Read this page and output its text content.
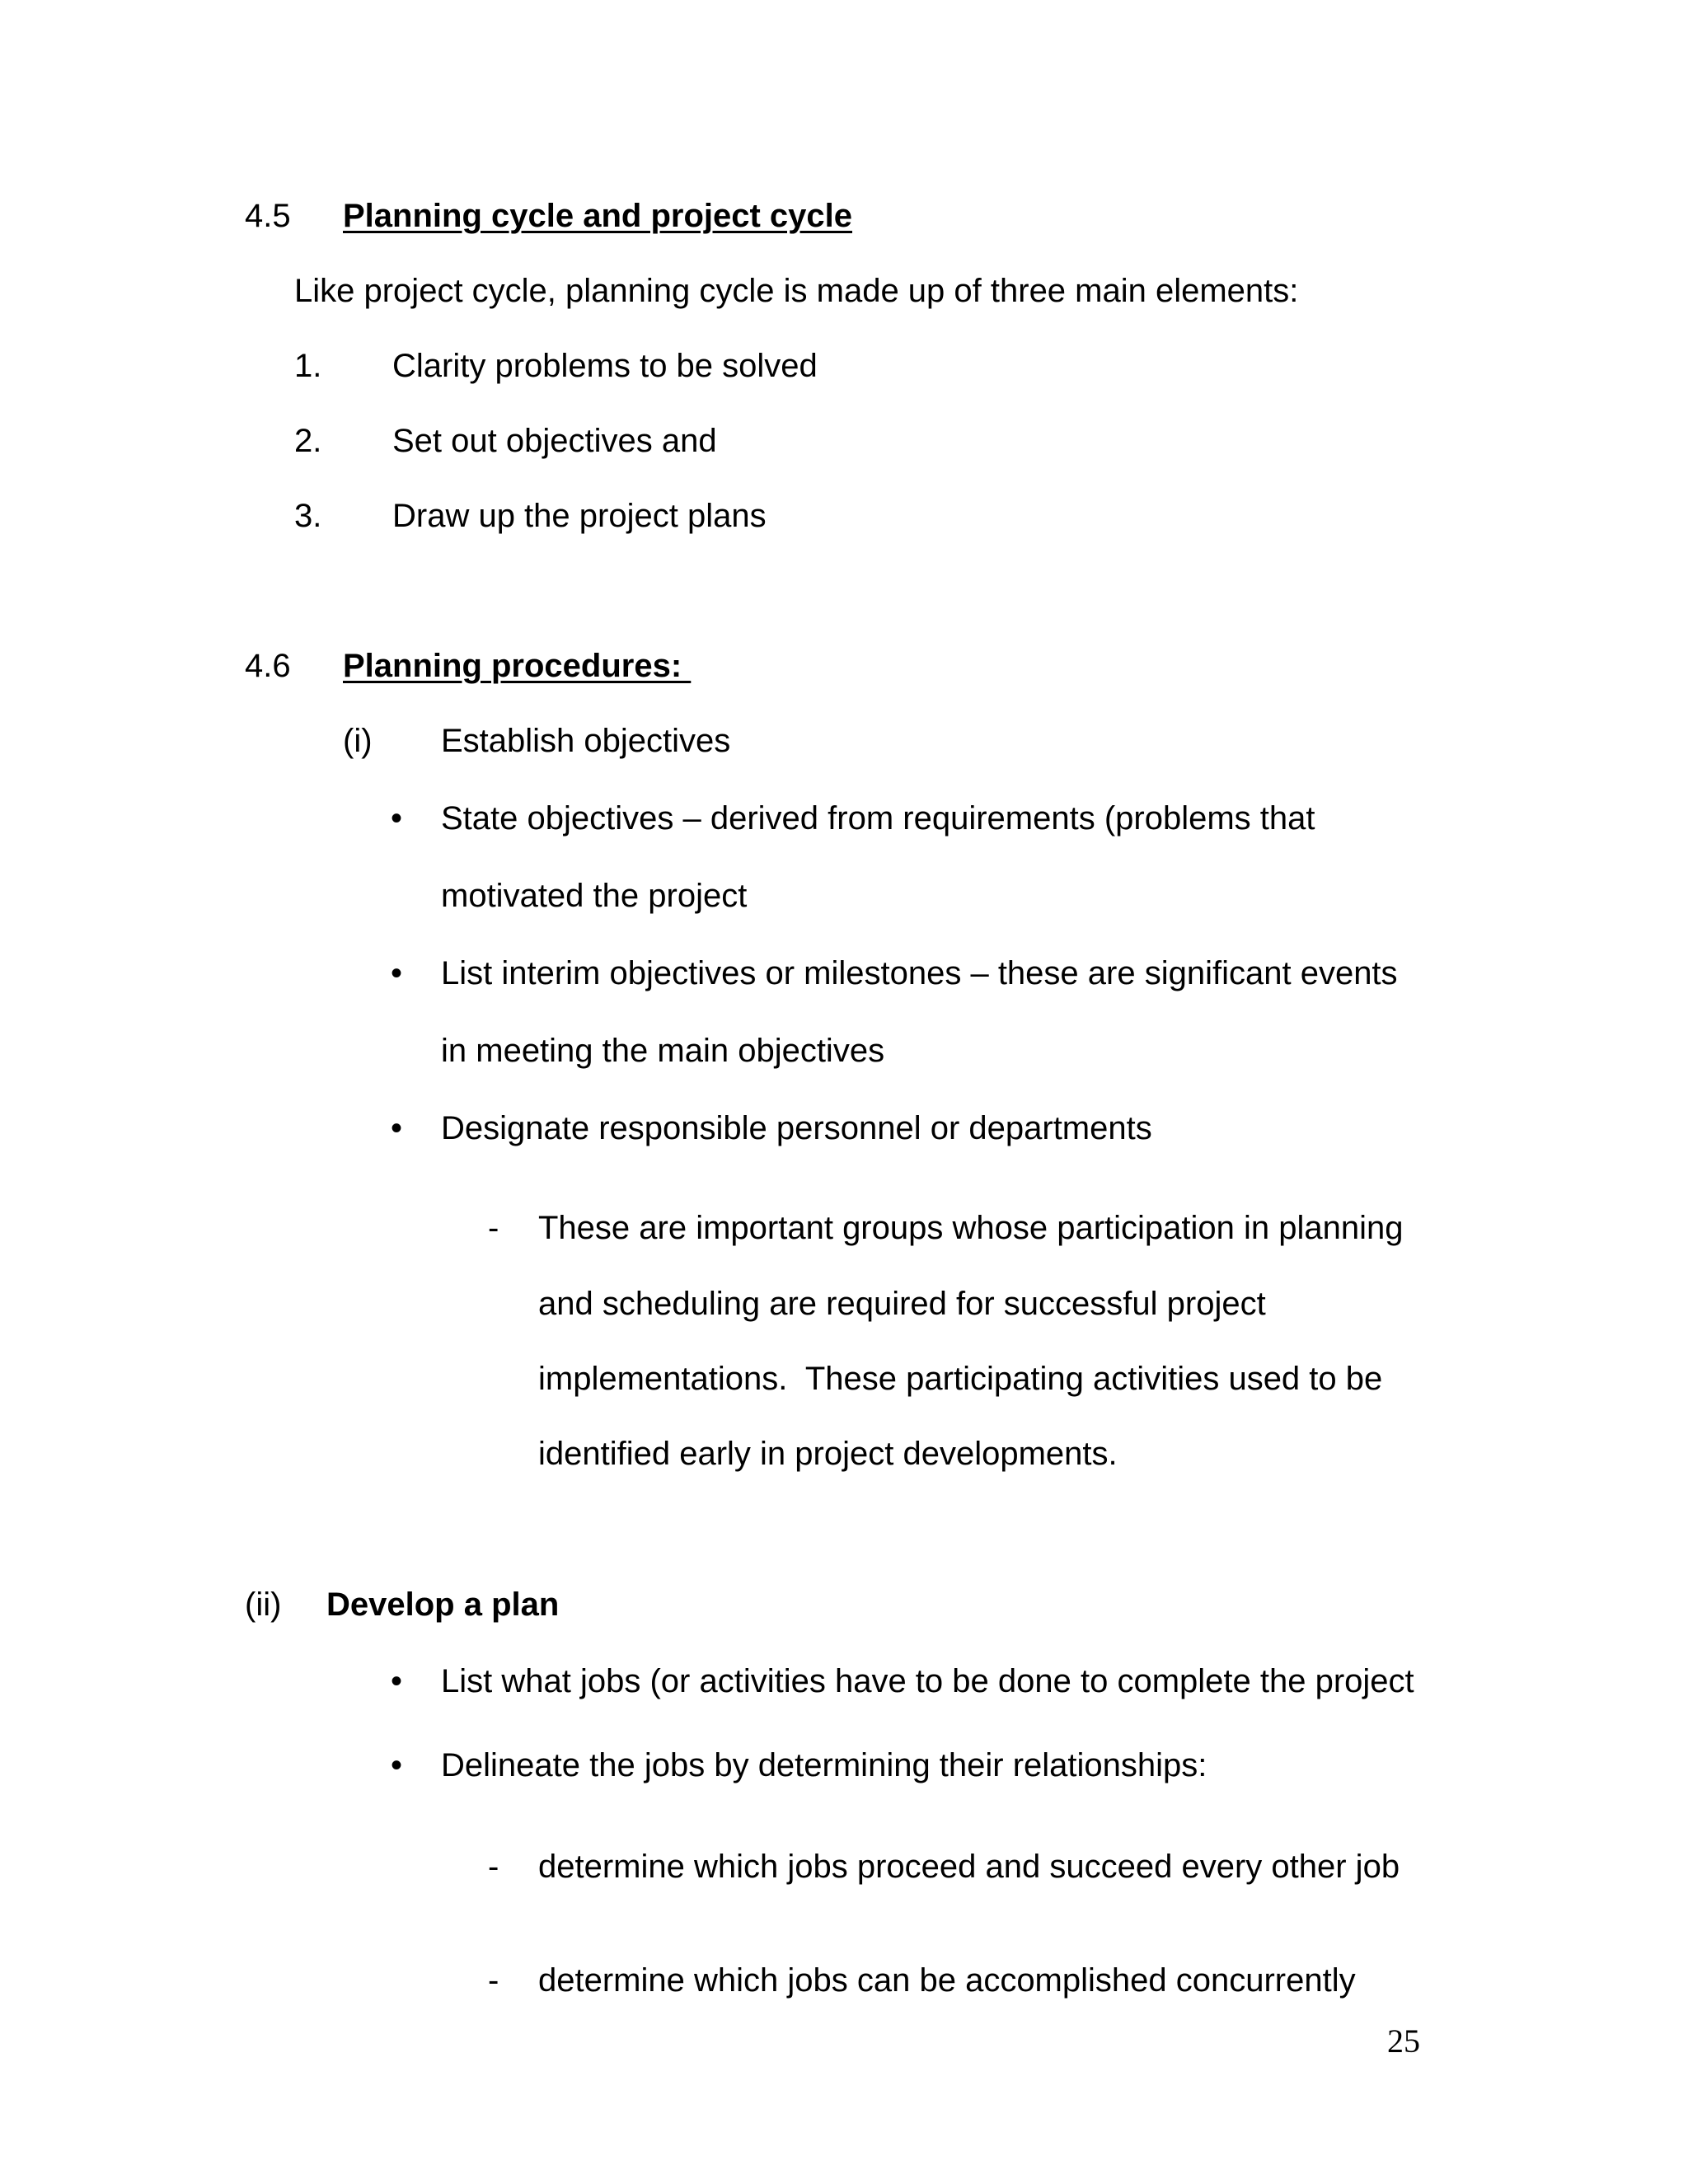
4.5 Planning cycle and project cycle
Like project cycle, planning cycle is made up of three main elements:
1. Clarity problems to be solved
2. Set out objectives and
3. Draw up the project plans
4.6 Planning procedures:
(i) Establish objectives
• State objectives – derived from requirements (problems that
motivated the project
• List interim objectives or milestones – these are significant events
in meeting the main objectives
• Designate responsible personnel or departments
- These are important groups whose participation in planning
and scheduling are required for successful project
implementations.  These participating activities used to be
identified early in project developments.
(ii) Develop a plan
• List what jobs (or activities have to be done to complete the project
• Delineate the jobs by determining their relationships:
- determine which jobs proceed and succeed every other job
- determine which jobs can be accomplished concurrently
25
